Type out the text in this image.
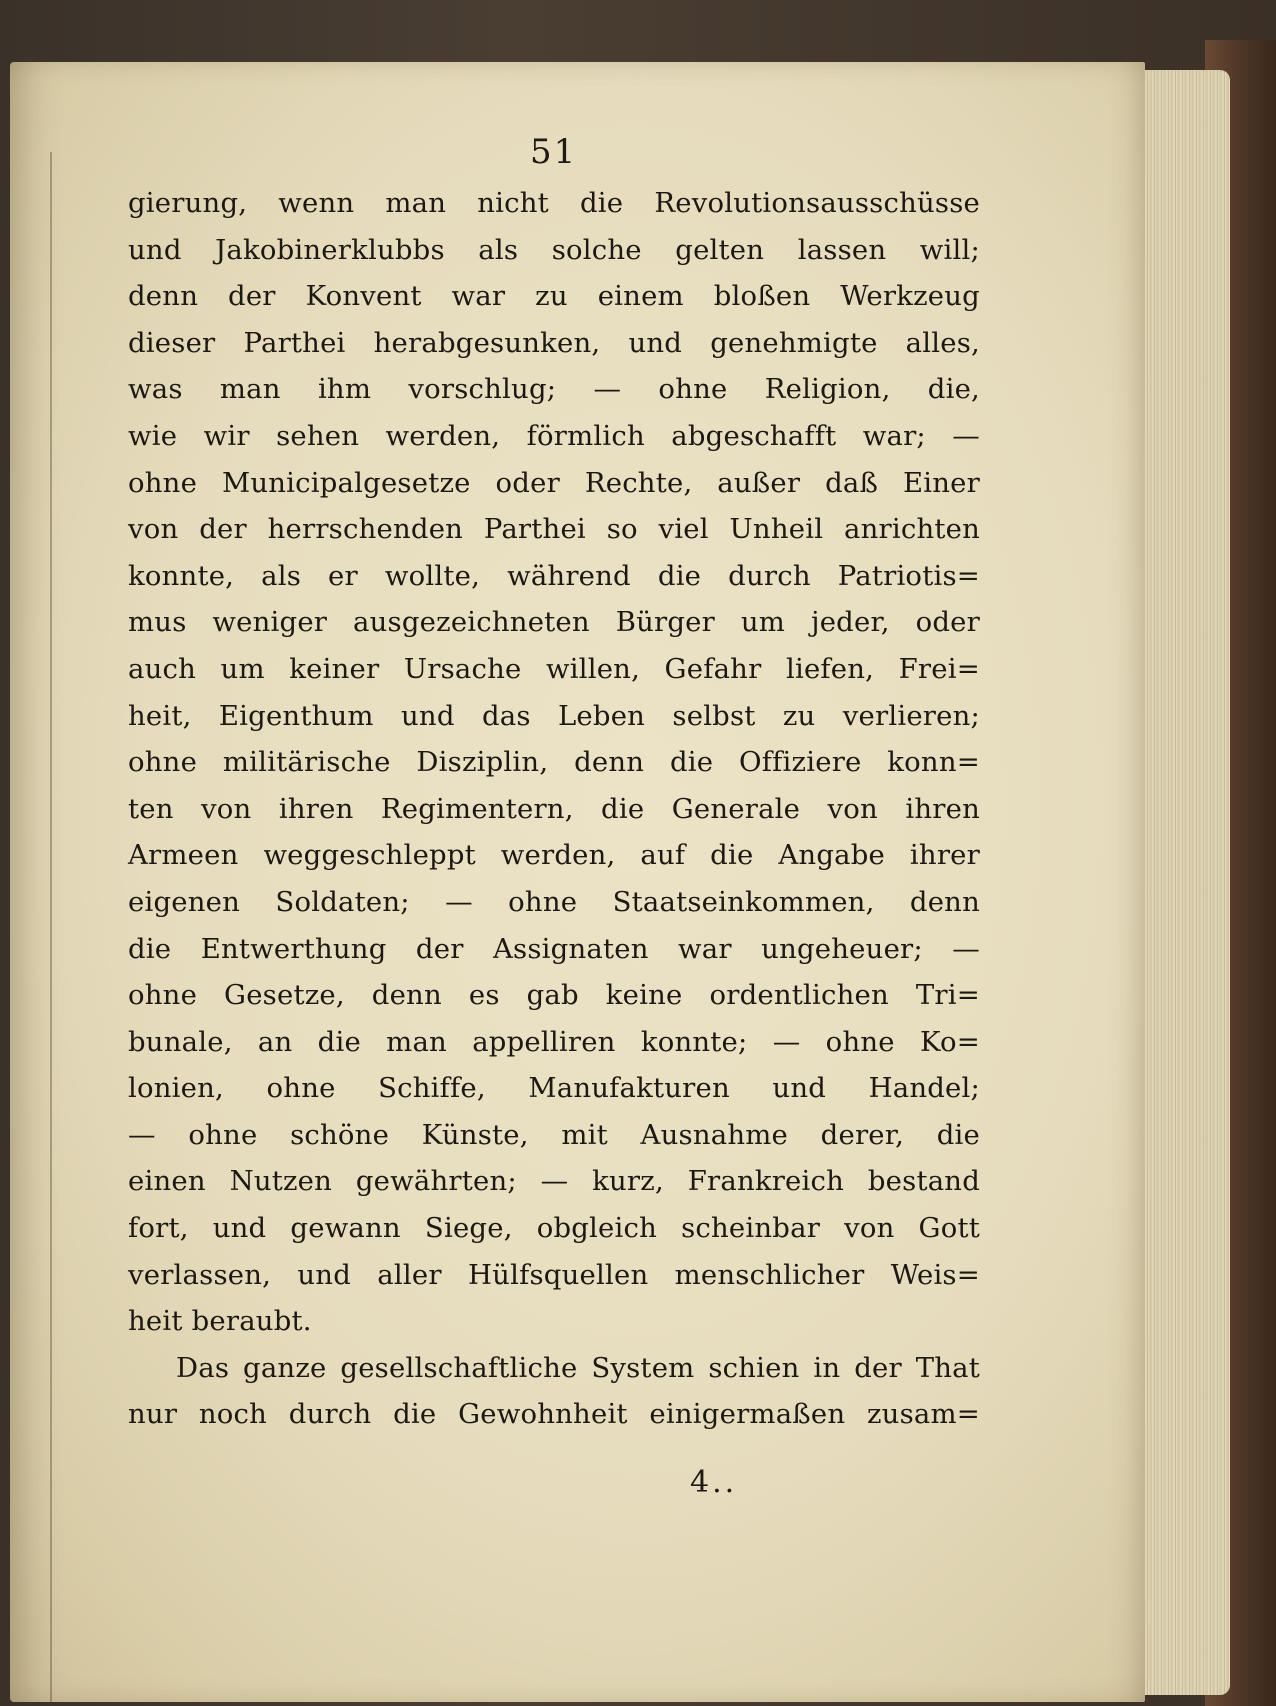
51
gierung, wenn man nicht die Revolutionsausschüsse
und Jakobinerklubbs als solche gelten lassen will;
denn der Konvent war zu einem bloßen Werkzeug
dieser Parthei herabgesunken, und genehmigte alles,
was man ihm vorschlug; — ohne Religion, die,
wie wir sehen werden, förmlich abgeschafft war; —
ohne Municipalgesetze oder Rechte, außer daß Einer
von der herrschenden Parthei so viel Unheil anrichten
konnte, als er wollte, während die durch Patriotis=
mus weniger ausgezeichneten Bürger um jeder, oder
auch um keiner Ursache willen, Gefahr liefen, Frei=
heit, Eigenthum und das Leben selbst zu verlieren;
ohne militärische Disziplin, denn die Offiziere konn=
ten von ihren Regimentern, die Generale von ihren
Armeen weggeschleppt werden, auf die Angabe ihrer
eigenen Soldaten; — ohne Staatseinkommen, denn
die Entwerthung der Assignaten war ungeheuer; —
ohne Gesetze, denn es gab keine ordentlichen Tri=
bunale, an die man appelliren konnte; — ohne Ko=
lonien, ohne Schiffe, Manufakturen und Handel;
— ohne schöne Künste, mit Ausnahme derer, die
einen Nutzen gewährten; — kurz, Frankreich bestand
fort, und gewann Siege, obgleich scheinbar von Gott
verlassen, und aller Hülfsquellen menschlicher Weis=
heit beraubt.
Das ganze gesellschaftliche System schien in der That
nur noch durch die Gewohnheit einigermaßen zusam=
4..
